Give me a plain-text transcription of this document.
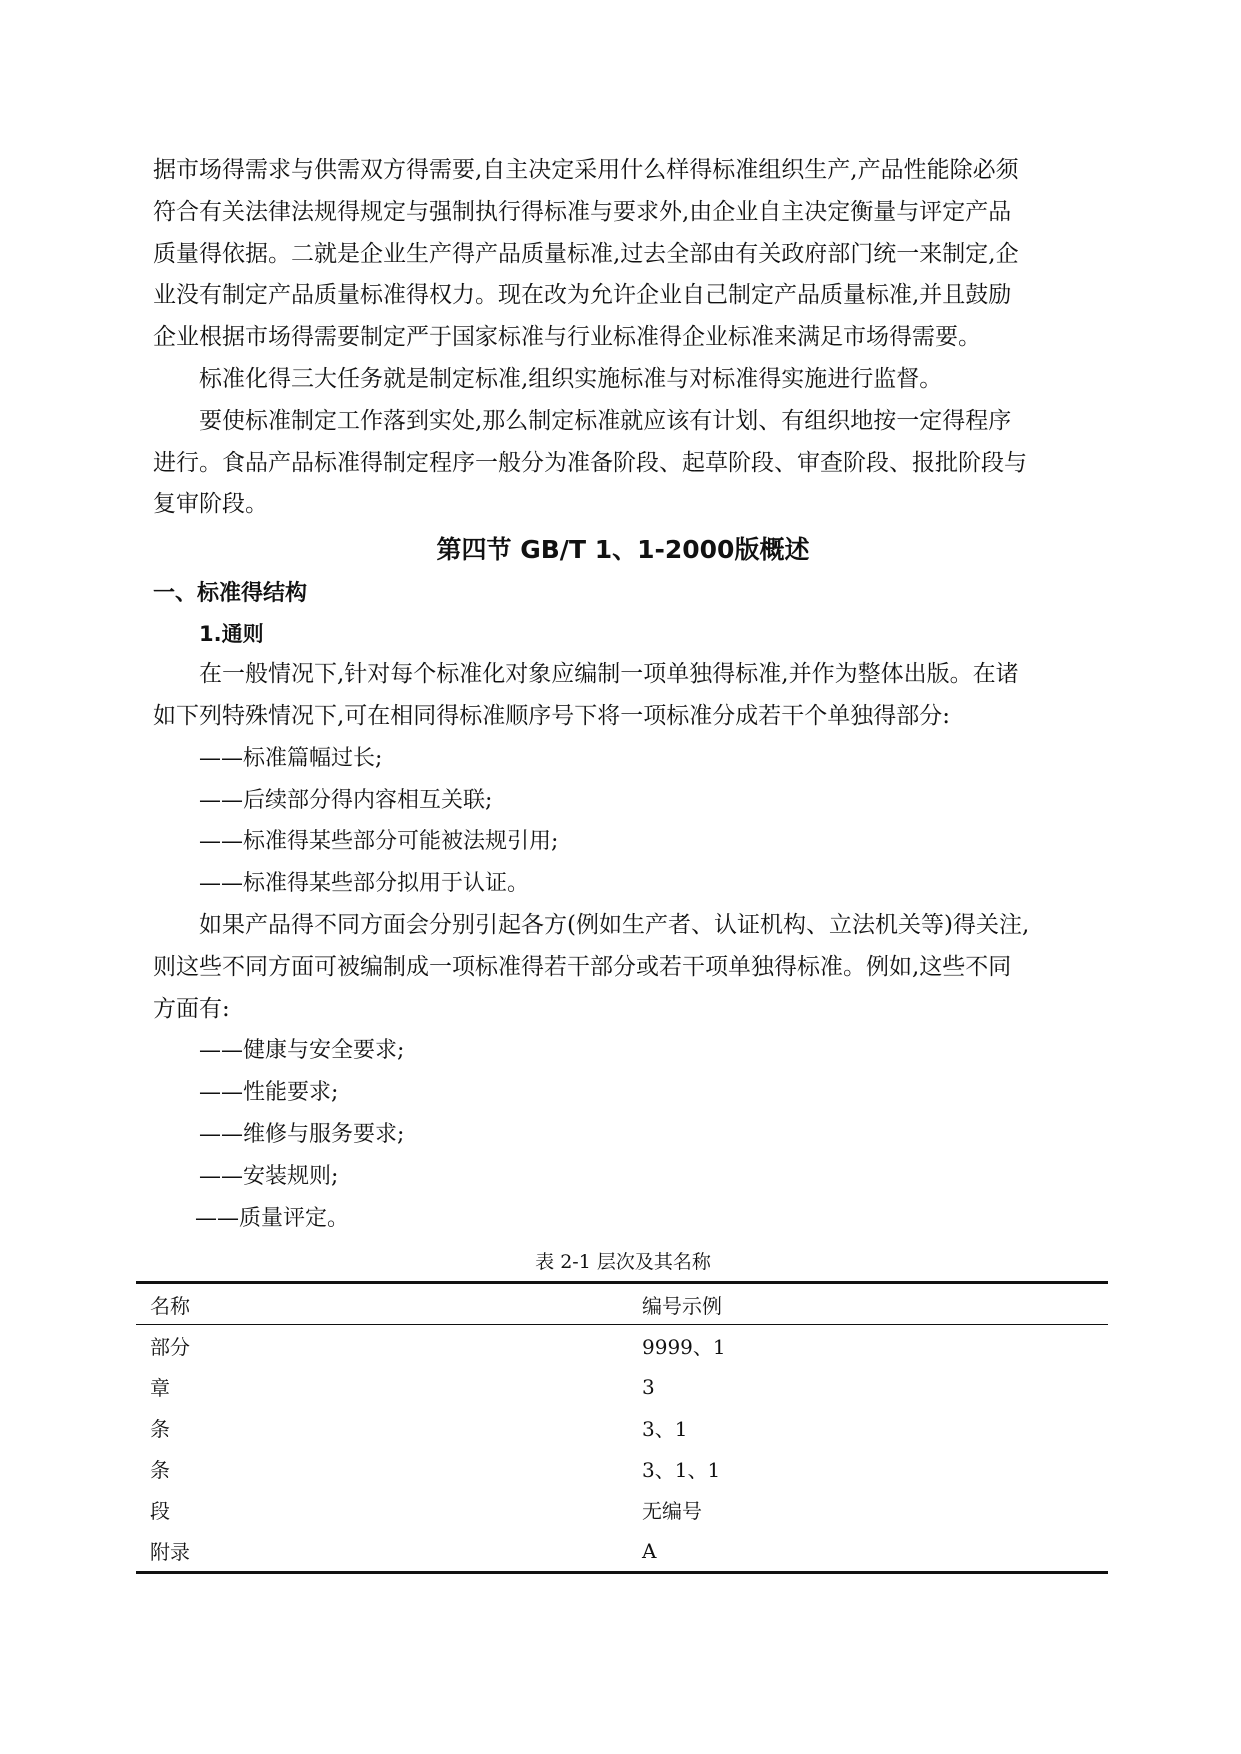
据市场得需求与供需双方得需要,自主决定采用什么样得标准组织生产,产品性能除必须
符合有关法律法规得规定与强制执行得标准与要求外,由企业自主决定衡量与评定产品
质量得依据。二就是企业生产得产品质量标准,过去全部由有关政府部门统一来制定,企
业没有制定产品质量标准得权力。现在改为允许企业自己制定产品质量标准,并且鼓励
企业根据市场得需要制定严于国家标准与行业标准得企业标准来满足市场得需要。
标准化得三大任务就是制定标准,组织实施标准与对标准得实施进行监督。
要使标准制定工作落到实处,那么制定标准就应该有计划、有组织地按一定得程序
进行。食品产品标准得制定程序一般分为准备阶段、起草阶段、审查阶段、报批阶段与
复审阶段。
第四节 GB/T 1、1-2000版概述
一、标准得结构
1.通则
在一般情况下,针对每个标准化对象应编制一项单独得标准,并作为整体出版。在诸
如下列特殊情况下,可在相同得标准顺序号下将一项标准分成若干个单独得部分:

——标准篇幅过长;

——后续部分得内容相互关联;

——标准得某些部分可能被法规引用;

——标准得某些部分拟用于认证。

如果产品得不同方面会分别引起各方(例如生产者、认证机构、立法机关等)得关注,
则这些不同方面可被编制成一项标准得若干部分或若干项单独得标准。例如,这些不同
方面有:

——健康与安全要求;

——性能要求;

——维修与服务要求;

——安装规则;

——质量评定。

表 2-1 层次及其名称
名称	编号示例
部分	9999、1
章	3
条	3、1
条	3、1、1
段	无编号
附录	A
